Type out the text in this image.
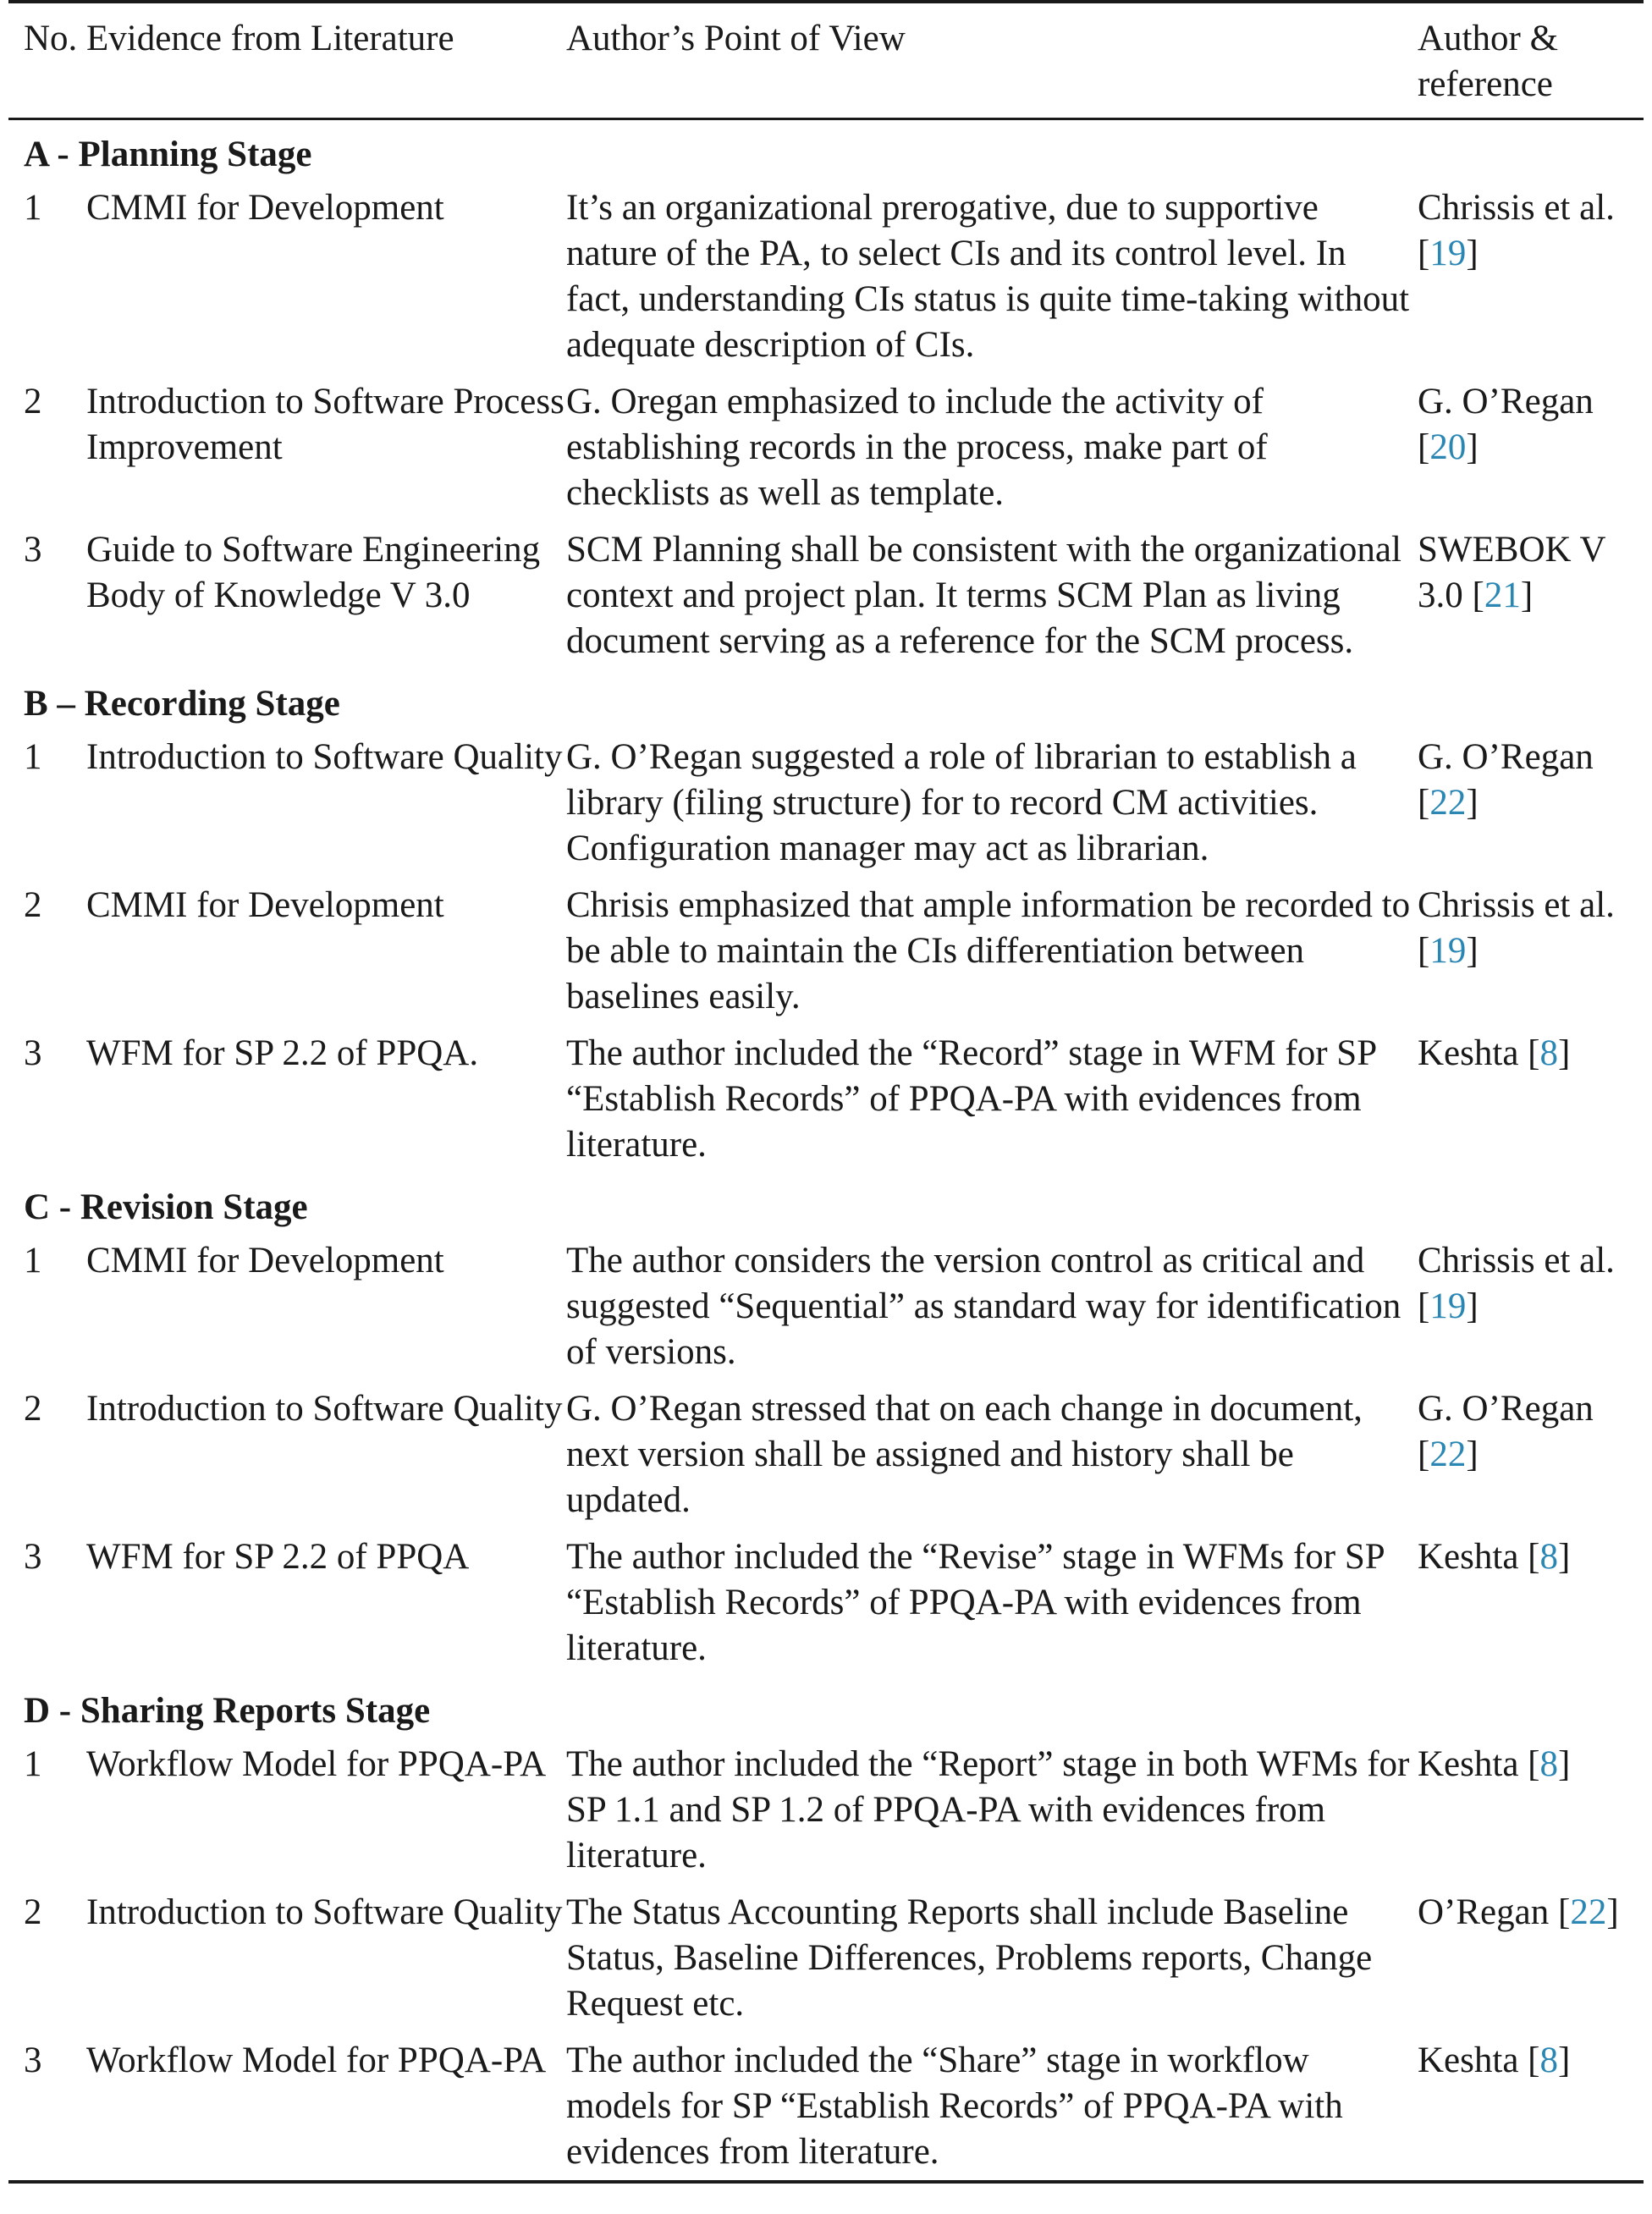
No.	Evidence from Literature	Author’s Point of View	Author &
reference
A - Planning Stage			
1	CMMI for Development	It’s an organizational prerogative, due to supportive nature of the PA, to select CIs and its control level. In fact, understanding CIs status is quite time-taking without adequate description of CIs.	Chrissis et al. [19]
2	Introduction to Software Process Improvement	G. Oregan emphasized to include the activity of establishing records in the process, make part of checklists as well as template.	G. O’Regan [20]
3	Guide to Software Engineering Body of Knowledge V 3.0	SCM Planning shall be consistent with the organizational context and project plan. It terms SCM Plan as living document serving as a reference for the SCM process.	SWEBOK V 3.0 [21]
B – Recording Stage			
1	Introduction to Software Quality	G. O’Regan suggested a role of librarian to establish a library (filing structure) for to record CM activities. Configuration manager may act as librarian.	G. O’Regan [22]
2	CMMI for Development	Chrisis emphasized that ample information be recorded to be able to maintain the CIs differentiation between baselines easily.	Chrissis et al. [19]
3	WFM for SP 2.2 of PPQA.	The author included the “Record” stage in WFM for SP “Establish Records” of PPQA-PA with evidences from literature.	Keshta [8]
C - Revision Stage			
1	CMMI for Development	The author considers the version control as critical and suggested “Sequential” as standard way for identification of versions.	Chrissis et al. [19]
2	Introduction to Software Quality	G. O’Regan stressed that on each change in document, next version shall be assigned and history shall be updated.	G. O’Regan [22]
3	WFM for SP 2.2 of PPQA	The author included the “Revise” stage in WFMs for SP “Establish Records” of PPQA-PA with evidences from literature.	Keshta [8]
D - Sharing Reports Stage			
1	Workflow Model for PPQA-PA	The author included the “Report” stage in both WFMs for SP 1.1 and SP 1.2 of PPQA-PA with evidences from literature.	Keshta [8]
2	Introduction to Software Quality	The Status Accounting Reports shall include Baseline Status, Baseline Differences, Problems reports, Change Request etc.	O’Regan [22]
3	Workflow Model for PPQA-PA	The author included the “Share” stage in workflow models for SP “Establish Records” of PPQA-PA with evidences from literature.	Keshta [8]
